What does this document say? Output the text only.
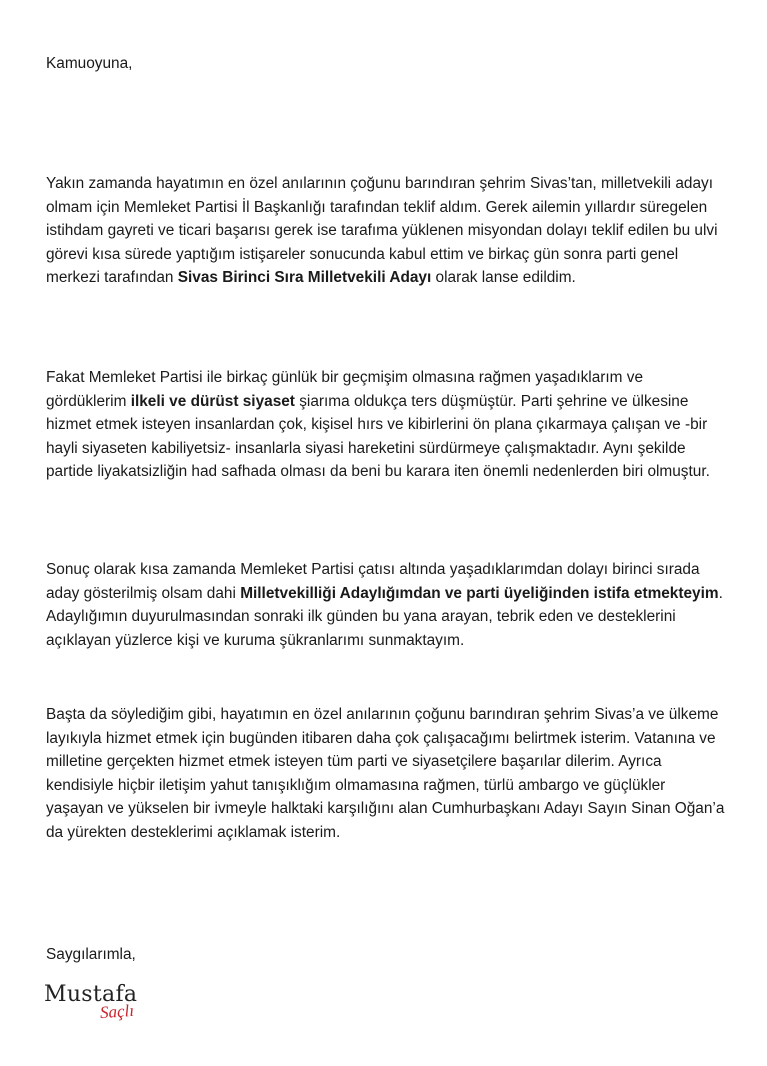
Kamuoyuna,

Yakın zamanda hayatımın en özel anılarının çoğunu barındıran şehrim Sivas’tan, milletvekili adayı olmam için Memleket Partisi İl Başkanlığı tarafından teklif aldım. Gerek ailemin yıllardır süregelen istihdam gayreti ve ticari başarısı gerek ise tarafıma yüklenen misyondan dolayı teklif edilen bu ulvi görevi kısa sürede yaptığım istişareler sonucunda kabul ettim ve birkaç gün sonra parti genel merkezi tarafından Sivas Birinci Sıra Milletvekili Adayı olarak lanse edildim.

Fakat Memleket Partisi ile birkaç günlük bir geçmişim olmasına rağmen yaşadıklarım ve gördüklerim ilkeli ve dürüst siyaset şiarıma oldukça ters düşmüştür. Parti şehrine ve ülkesine hizmet etmek isteyen insanlardan çok, kişisel hırs ve kibirlerini ön plana çıkarmaya çalışan ve -bir hayli siyaseten kabiliyetsiz- insanlarla siyasi hareketini sürdürmeye çalışmaktadır. Aynı şekilde partide liyakatsizliğin had safhada olması da beni bu karara iten önemli nedenlerden biri olmuştur.

Sonuç olarak kısa zamanda Memleket Partisi çatısı altında yaşadıklarımdan dolayı birinci sırada aday gösterilmiş olsam dahi Milletvekilliği Adaylığımdan ve parti üyeliğinden istifa etmekteyim. Adaylığımın duyurulmasından sonraki ilk günden bu yana arayan, tebrik eden ve desteklerini açıklayan yüzlerce kişi ve kuruma şükranlarımı sunmaktayım.

Başta da söylediğim gibi, hayatımın en özel anılarının çoğunu barındıran şehrim Sivas’a ve ülkeme layıkıyla hizmet etmek için bugünden itibaren daha çok çalışacağımı belirtmek isterim. Vatanına ve milletine gerçekten hizmet etmek isteyen tüm parti ve siyasetçilere başarılar dilerim. Ayrıca kendisiyle hiçbir iletişim yahut tanışıklığım olmamasına rağmen, türlü ambargo ve güçlükler yaşayan ve yükselen bir ivmeyle halktaki karşılığını alan Cumhurbaşkanı Adayı Sayın Sinan Oğan’a da yürekten desteklerimi açıklamak isterim.

Saygılarımla,

Mustafa
Saçlı
